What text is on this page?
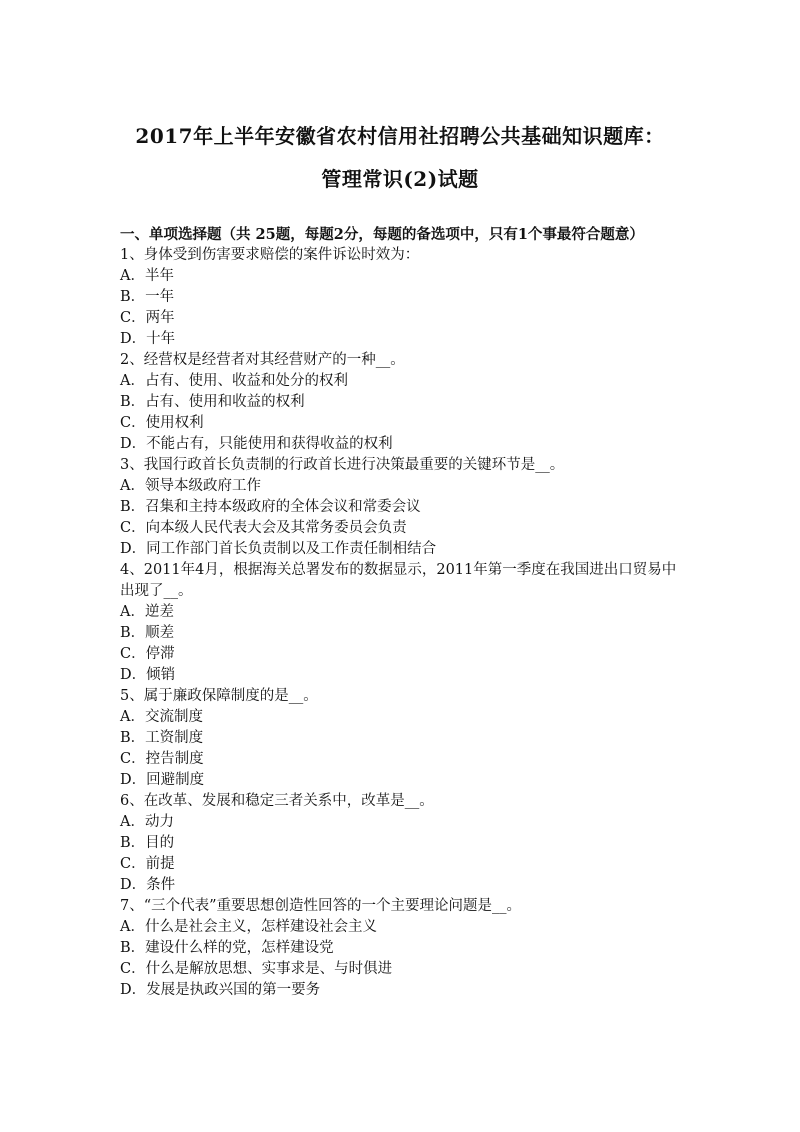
2017年上半年安徽省农村信用社招聘公共基础知识题库：
管理常识(2)试题
一、单项选择题（共 25题，每题2分，每题的备选项中，只有1个事最符合题意）
1、身体受到伤害要求赔偿的案件诉讼时效为：
A．半年
B．一年
C．两年
D．十年
2、经营权是经营者对其经营财产的一种__。
A．占有、使用、收益和处分的权利
B．占有、使用和收益的权利
C．使用权利
D．不能占有，只能使用和获得收益的权利
3、我国行政首长负责制的行政首长进行决策最重要的关键环节是__。
A．领导本级政府工作
B．召集和主持本级政府的全体会议和常委会议
C．向本级人民代表大会及其常务委员会负责
D．同工作部门首长负责制以及工作责任制相结合
4、2011年4月，根据海关总署发布的数据显示，2011年第一季度在我国进出口贸易中出现了__。
A．逆差
B．顺差
C．停滞
D．倾销
5、属于廉政保障制度的是__。
A．交流制度
B．工资制度
C．控告制度
D．回避制度
6、在改革、发展和稳定三者关系中，改革是__。
A．动力
B．目的
C．前提
D．条件
7、“三个代表”重要思想创造性回答的一个主要理论问题是__。
A．什么是社会主义，怎样建设社会主义
B．建设什么样的党，怎样建设党
C．什么是解放思想、实事求是、与时俱进
D．发展是执政兴国的第一要务
